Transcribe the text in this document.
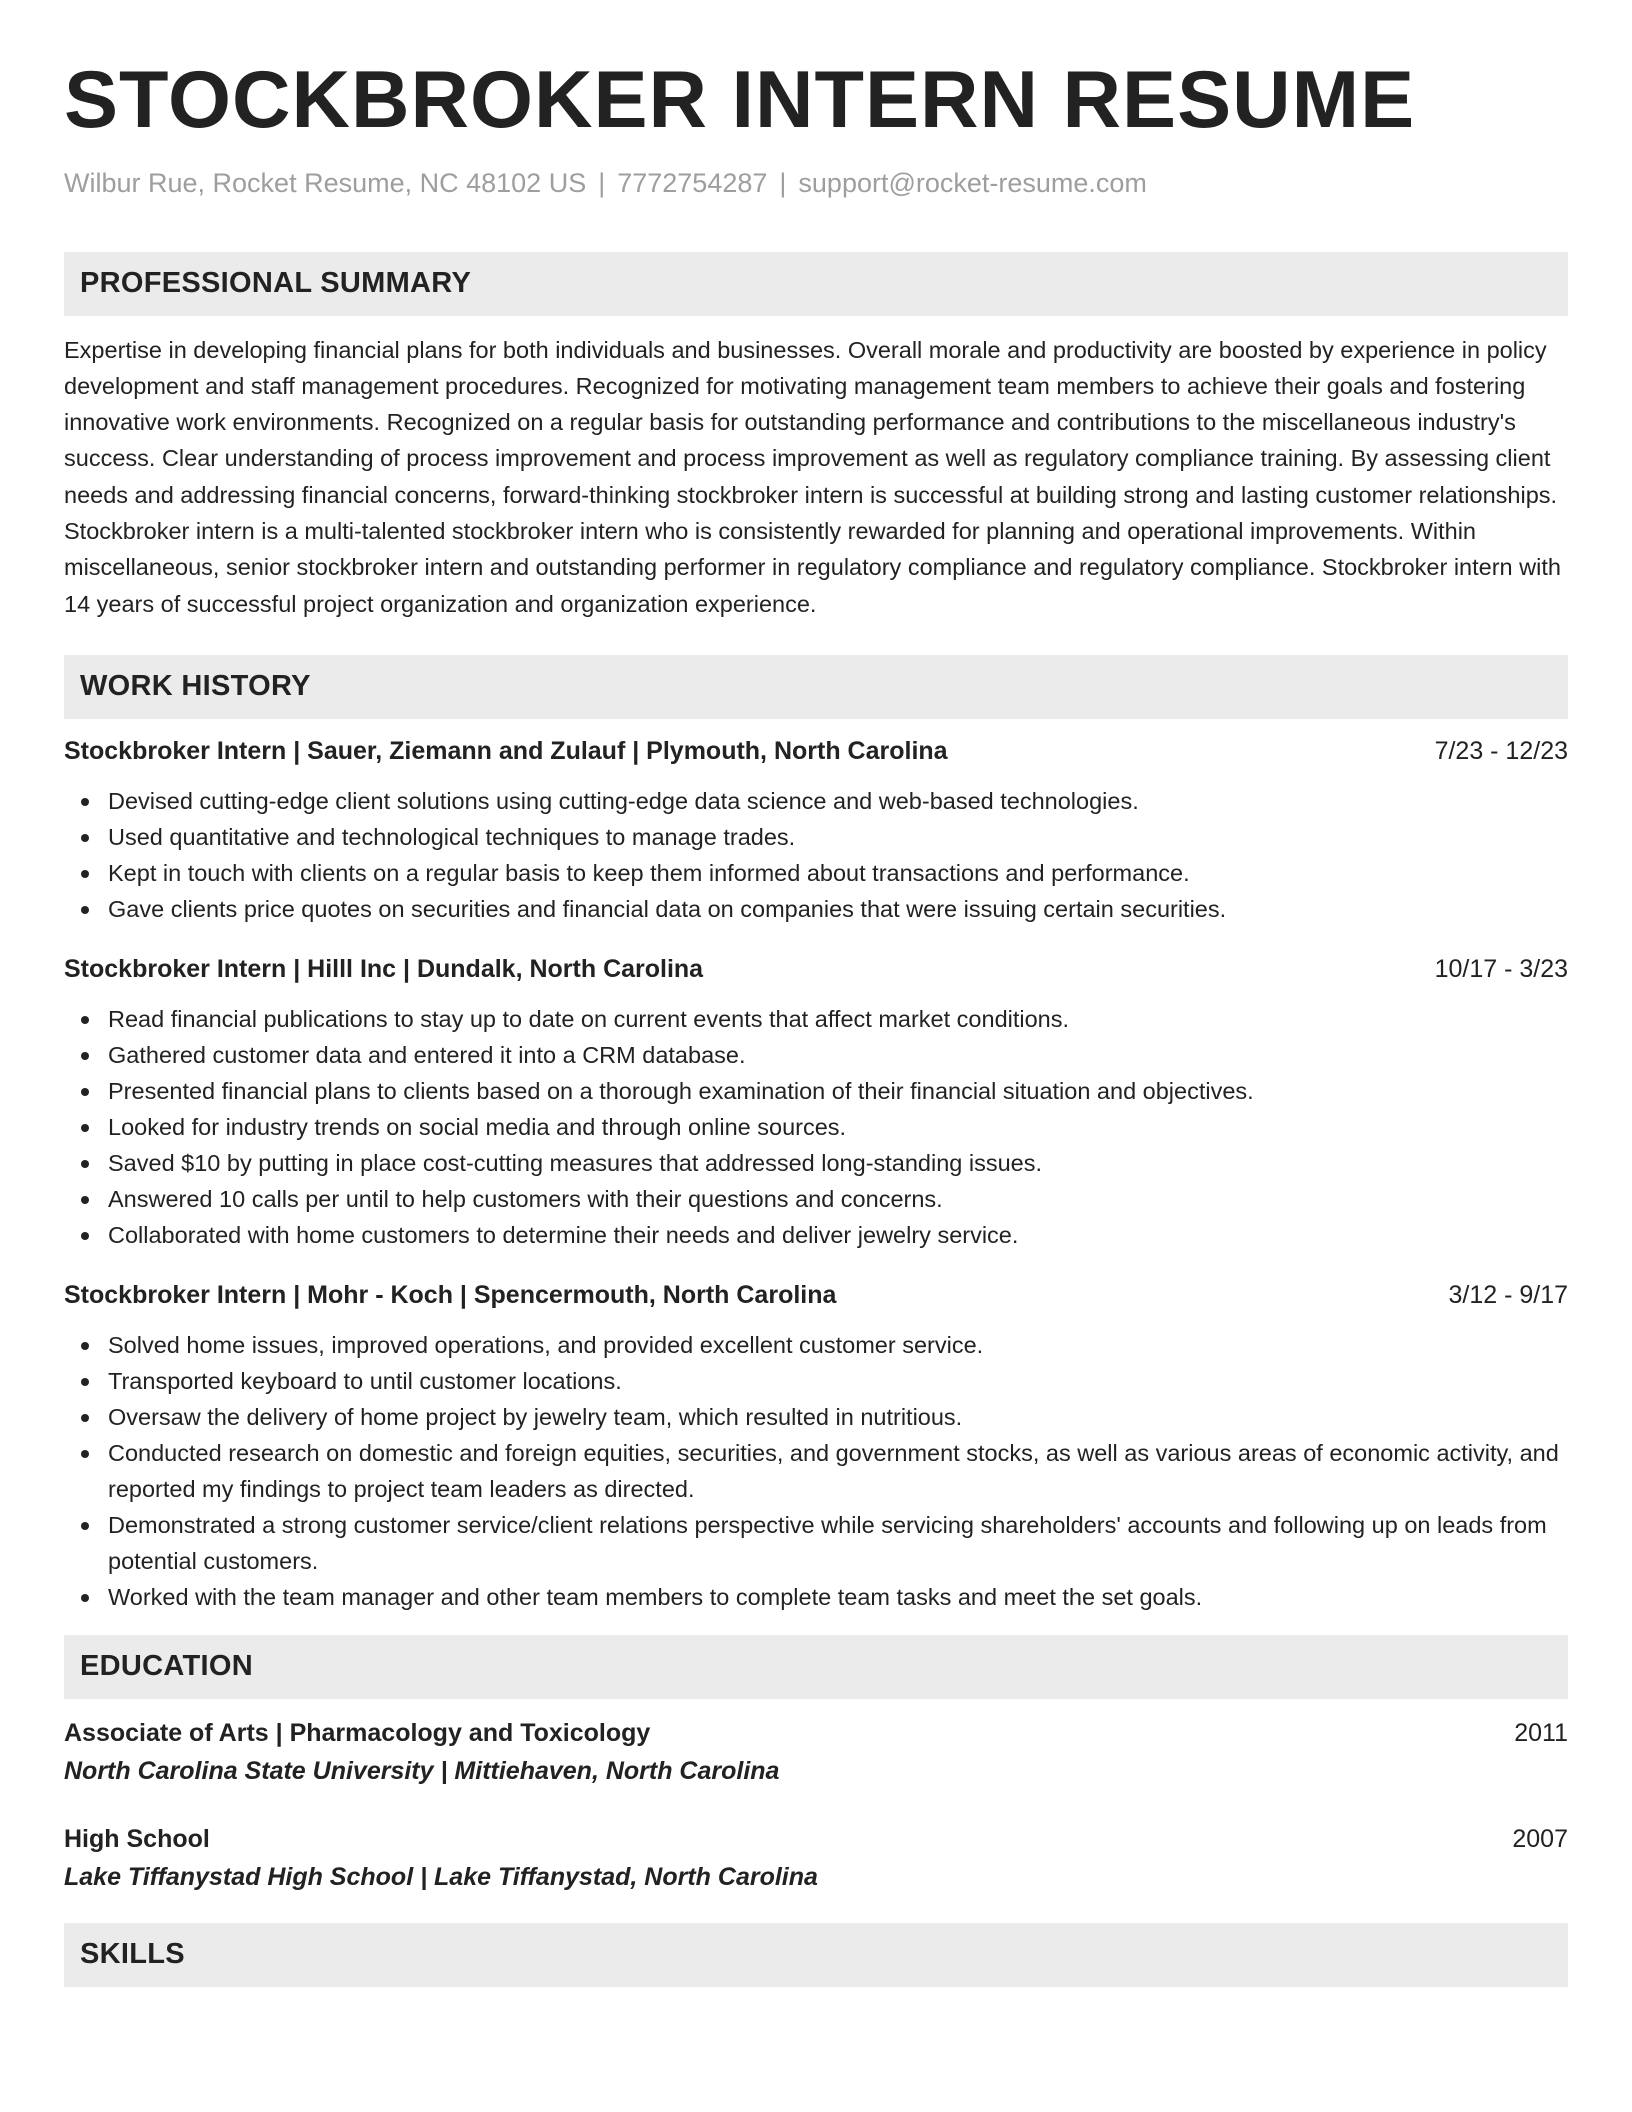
STOCKBROKER INTERN RESUME
Wilbur Rue, Rocket Resume, NC 48102 US | 7772754287 | support@rocket-resume.com
PROFESSIONAL SUMMARY

Expertise in developing financial plans for both individuals and businesses. Overall morale and productivity are boosted by experience in policy development and staff management procedures. Recognized for motivating management team members to achieve their goals and fostering innovative work environments. Recognized on a regular basis for outstanding performance and contributions to the miscellaneous industry's success. Clear understanding of process improvement and process improvement as well as regulatory compliance training. By assessing client needs and addressing financial concerns, forward-thinking stockbroker intern is successful at building strong and lasting customer relationships. Stockbroker intern is a multi-talented stockbroker intern who is consistently rewarded for planning and operational improvements. Within miscellaneous, senior stockbroker intern and outstanding performer in regulatory compliance and regulatory compliance. Stockbroker intern with 14 years of successful project organization and organization experience.

WORK HISTORY
Stockbroker Intern | Sauer, Ziemann and Zulauf | Plymouth, North Carolina	7/23 - 12/23
Devised cutting-edge client solutions using cutting-edge data science and web-based technologies.
Used quantitative and technological techniques to manage trades.
Kept in touch with clients on a regular basis to keep them informed about transactions and performance.
Gave clients price quotes on securities and financial data on companies that were issuing certain securities.
Stockbroker Intern | Hilll Inc | Dundalk, North Carolina	10/17 - 3/23
Read financial publications to stay up to date on current events that affect market conditions.
Gathered customer data and entered it into a CRM database.
Presented financial plans to clients based on a thorough examination of their financial situation and objectives.
Looked for industry trends on social media and through online sources.
Saved $10 by putting in place cost-cutting measures that addressed long-standing issues.
Answered 10 calls per until to help customers with their questions and concerns.
Collaborated with home customers to determine their needs and deliver jewelry service.
Stockbroker Intern | Mohr - Koch | Spencermouth, North Carolina	3/12 - 9/17
Solved home issues, improved operations, and provided excellent customer service.
Transported keyboard to until customer locations.
Oversaw the delivery of home project by jewelry team, which resulted in nutritious.
Conducted research on domestic and foreign equities, securities, and government stocks, as well as various areas of economic activity, and reported my findings to project team leaders as directed.
Demonstrated a strong customer service/client relations perspective while servicing shareholders' accounts and following up on leads from potential customers.
Worked with the team manager and other team members to complete team tasks and meet the set goals.
EDUCATION
Associate of Arts | Pharmacology and Toxicology	2011
North Carolina State University | Mittiehaven, North Carolina
High School	2007
Lake Tiffanystad High School | Lake Tiffanystad, North Carolina
SKILLS
